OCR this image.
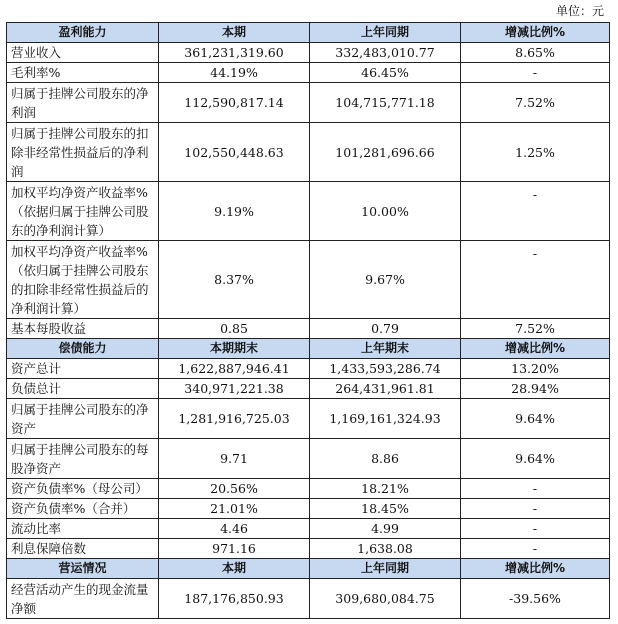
单位：元
盈利能力	本期	上年同期	增减比例%
营业收入	361,231,319.60	332,483,010.77	8.65%
毛利率%	44.19%	46.45%	-
归属于挂牌公司股东的净利润	112,590,817.14	104,715,771.18	7.52%
归属于挂牌公司股东的扣除非经常性损益后的净利润	102,550,448.63	101,281,696.66	1.25%
加权平均净资产收益率%（依据归属于挂牌公司股东的净利润计算）	9.19%	10.00%	-
加权平均净资产收益率%（依归属于挂牌公司股东的扣除非经常性损益后的净利润计算）	8.37%	9.67%	-
基本每股收益	0.85	0.79	7.52%
偿债能力	本期期末	上年期末	增减比例%
资产总计	1,622,887,946.41	1,433,593,286.74	13.20%
负债总计	340,971,221.38	264,431,961.81	28.94%
归属于挂牌公司股东的净资产	1,281,916,725.03	1,169,161,324.93	9.64%
归属于挂牌公司股东的每股净资产	9.71	8.86	9.64%
资产负债率%（母公司）	20.56%	18.21%	-
资产负债率%（合并）	21.01%	18.45%	-
流动比率	4.46	4.99	-
利息保障倍数	971.16	1,638.08	-
营运情况	本期	上年同期	增减比例%
经营活动产生的现金流量净额	187,176,850.93	309,680,084.75	-39.56%
